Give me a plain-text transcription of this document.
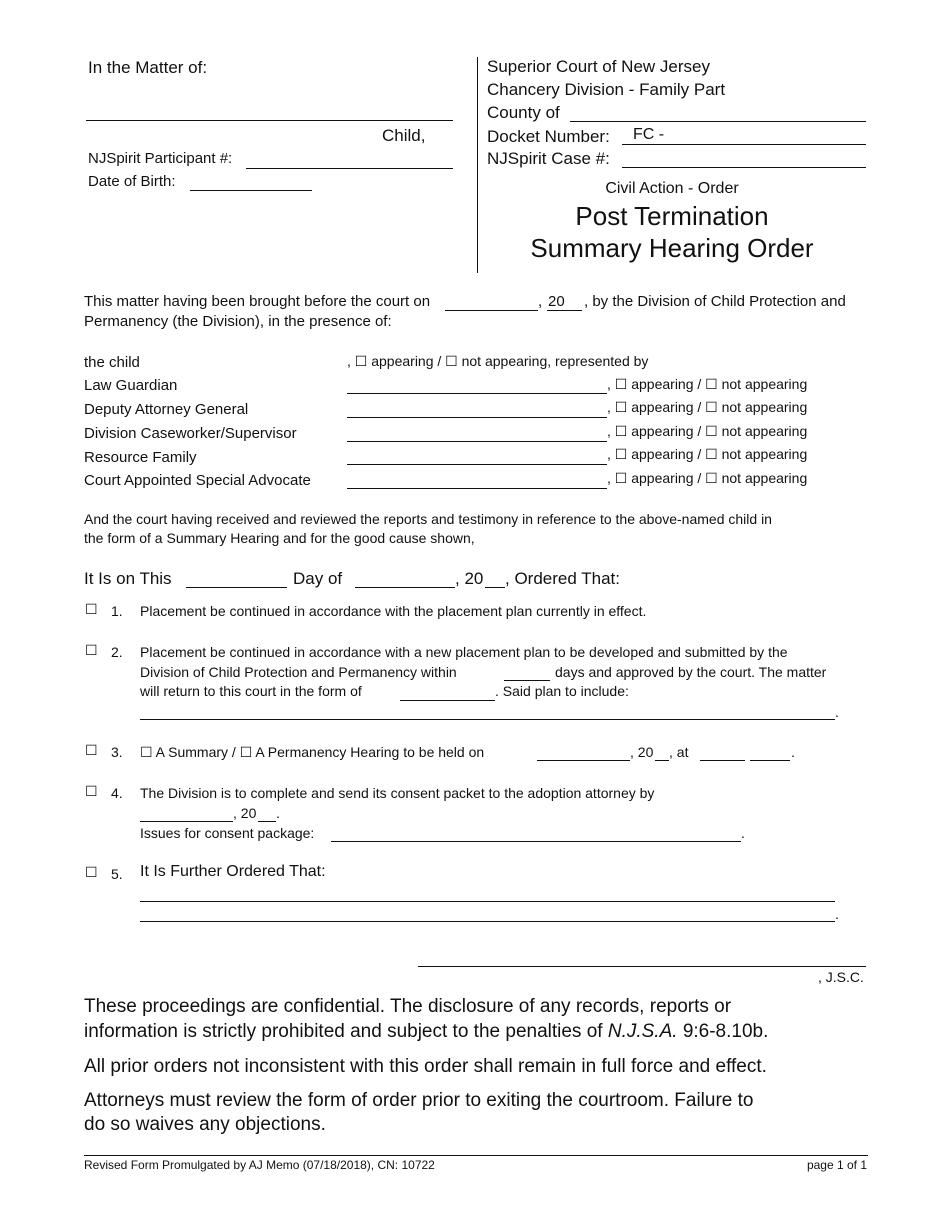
In the Matter of:
Child,
NJSpirit Participant #:
Date of Birth:
Superior Court of New Jersey
Chancery Division - Family Part
County of
Docket Number: FC -
NJSpirit Case #:
Civil Action - Order
Post Termination
Summary Hearing Order
This matter having been brought before the court on	, 20 , by the Division of Child Protection and
Permanency (the Division), in the presence of:
the child	, ☐ appearing / ☐ not appearing, represented by
Law Guardian	, ☐ appearing / ☐ not appearing
Deputy Attorney General	, ☐ appearing / ☐ not appearing
Division Caseworker/Supervisor	, ☐ appearing / ☐ not appearing
Resource Family	, ☐ appearing / ☐ not appearing
Court Appointed Special Advocate	, ☐ appearing / ☐ not appearing
And the court having received and reviewed the reports and testimony in reference to the above-named child in
the form of a Summary Hearing and for the good cause shown,
It Is on This	Day of	, 20 , Ordered That:
☐ 1. Placement be continued in accordance with the placement plan currently in effect.
☐ 2. Placement be continued in accordance with a new placement plan to be developed and submitted by the
Division of Child Protection and Permanency within	days and approved by the court. The matter
will return to this court in the form of	. Said plan to include:
.
☐ 3. ☐ A Summary / ☐ A Permanency Hearing to be held on	, 20 , at	.
☐ 4. The Division is to complete and send its consent packet to the adoption attorney by
, 20 .
Issues for consent package:	.
☐ 5. It Is Further Ordered That:
.
, J.S.C.
These proceedings are confidential. The disclosure of any records, reports or
information is strictly prohibited and subject to the penalties of N.J.S.A. 9:6-8.10b.
All prior orders not inconsistent with this order shall remain in full force and effect.
Attorneys must review the form of order prior to exiting the courtroom. Failure to
do so waives any objections.
Revised Form Promulgated by AJ Memo (07/18/2018), CN: 10722	page 1 of 1
